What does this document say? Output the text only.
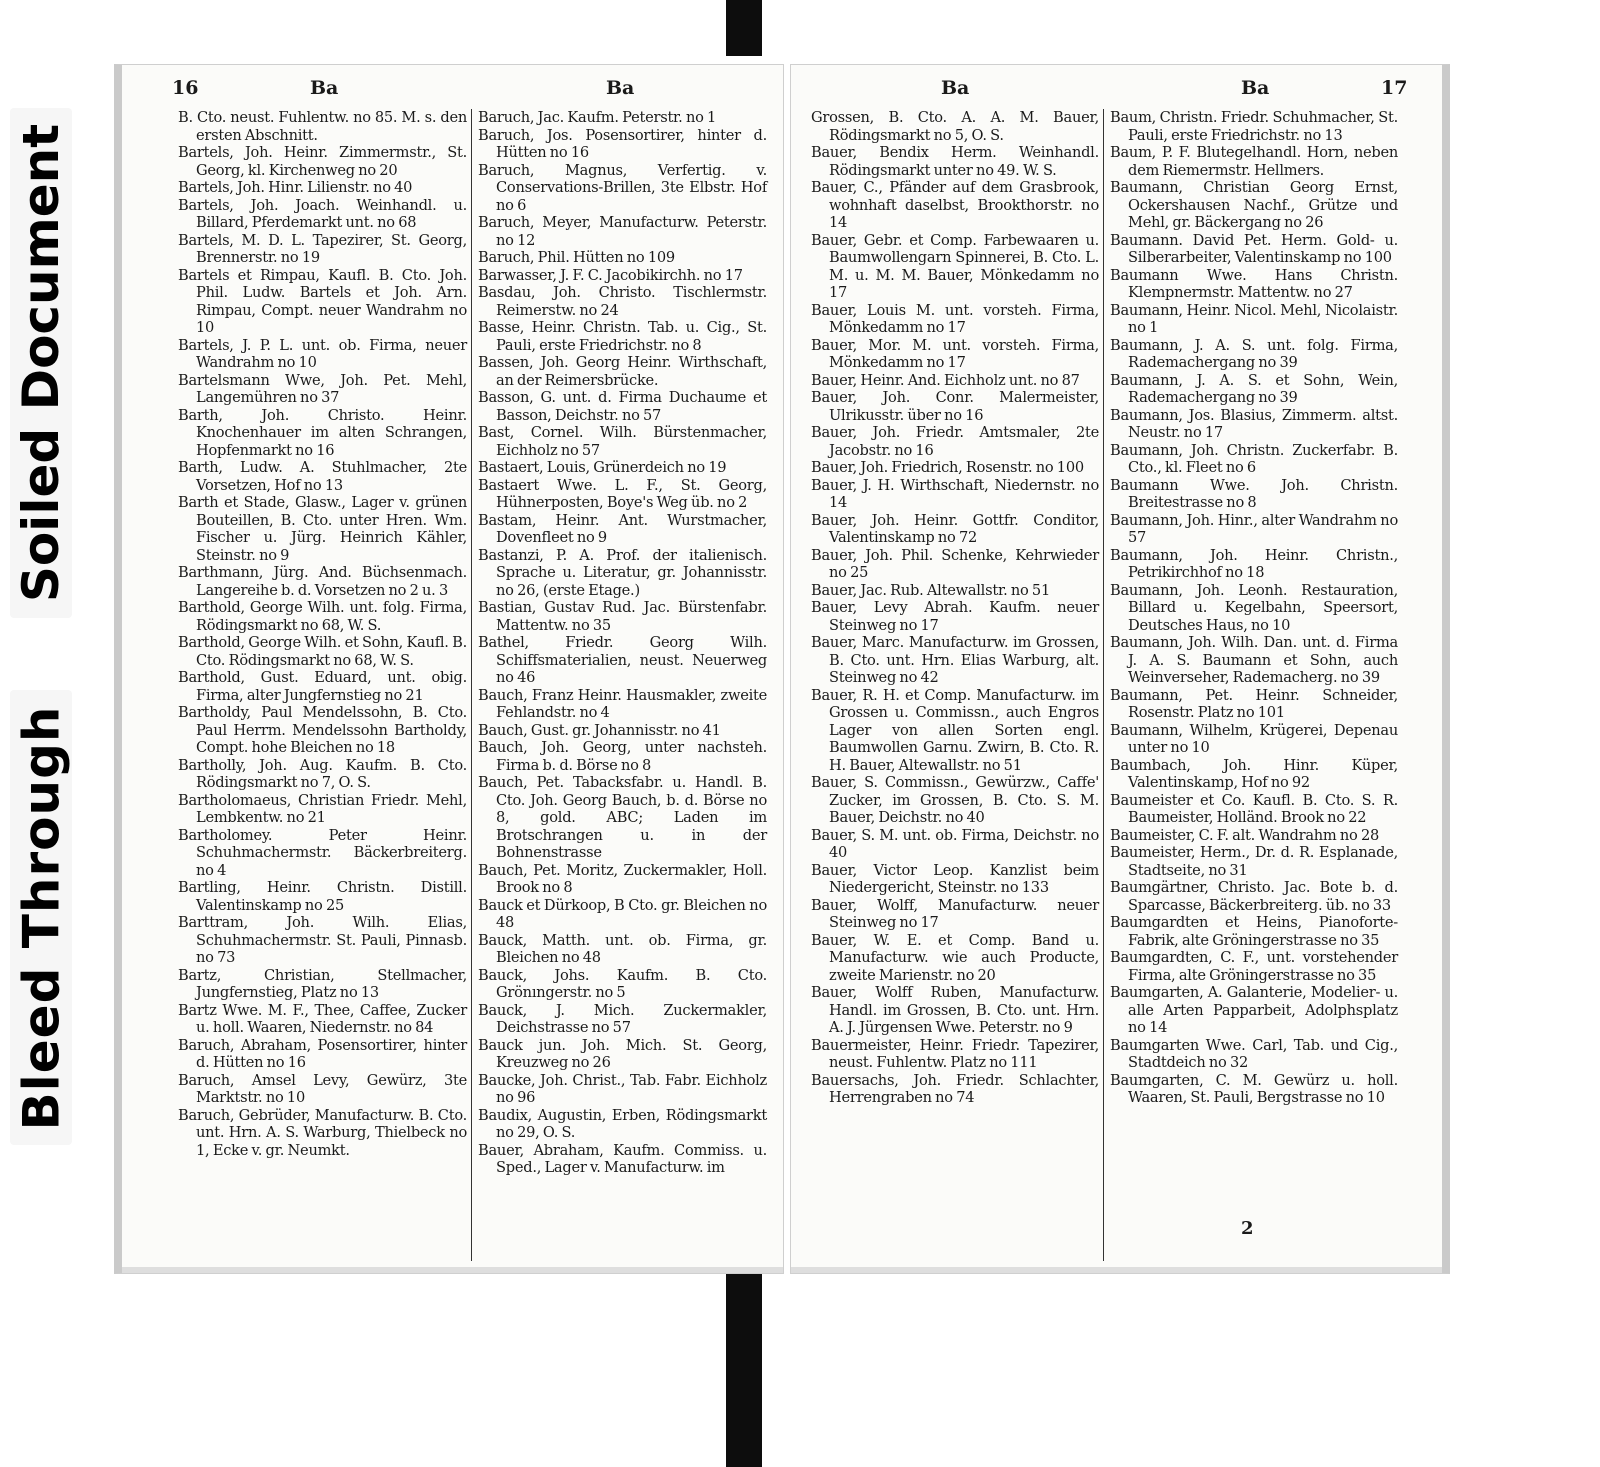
Soiled Document
Bleed Through
16	Ba	Ba

B. Cto. neust. Fuhlentw. no 85. M. s. den ersten Abschnitt.

Bartels, Joh. Heinr. Zimmermstr., St. Georg, kl. Kirchenweg no 20

Bartels, Joh. Hinr. Lilienstr. no 40

Bartels, Joh. Joach. Weinhandl. u. Billard, Pferdemarkt unt. no 68

Bartels, M. D. L. Tapezirer, St. Georg, Brennerstr. no 19

Bartels et Rimpau, Kaufl. B. Cto. Joh. Phil. Ludw. Bartels et Joh. Arn. Rimpau, Compt. neuer Wandrahm no 10

Bartels, J. P. L. unt. ob. Firma, neuer Wandrahm no 10

Bartelsmann Wwe, Joh. Pet. Mehl, Langemühren no 37

Barth, Joh. Christo. Heinr. Knochenhauer im alten Schrangen, Hopfenmarkt no 16

Barth, Ludw. A. Stuhlmacher, 2te Vorsetzen, Hof no 13

Barth et Stade, Glasw., Lager v. grünen Bouteillen, B. Cto. unter Hren. Wm. Fischer u. Jürg. Heinrich Kähler, Steinstr. no 9

Barthmann, Jürg. And. Büchsenmach. Langereihe b. d. Vorsetzen no 2 u. 3

Barthold, George Wilh. unt. folg. Firma, Rödingsmarkt no 68, W. S.

Barthold, George Wilh. et Sohn, Kaufl. B. Cto. Rödingsmarkt no 68, W. S.

Barthold, Gust. Eduard, unt. obig. Firma, alter Jungfernstieg no 21

Bartholdy, Paul Mendelssohn, B. Cto. Paul Herrm. Mendelssohn Bartholdy, Compt. hohe Bleichen no 18

Bartholly, Joh. Aug. Kaufm. B. Cto. Rödingsmarkt no 7, O. S.

Bartholomaeus, Christian Friedr. Mehl, Lembkentw. no 21

Bartholomey. Peter Heinr. Schuhmachermstr. Bäckerbreiterg. no 4

Bartling, Heinr. Christn. Distill. Valentinskamp no 25

Barttram, Joh. Wilh. Elias, Schuhmachermstr. St. Pauli, Pinnasb. no 73

Bartz, Christian, Stellmacher, Jungfernstieg, Platz no 13

Bartz Wwe. M. F., Thee, Caffee, Zucker u. holl. Waaren, Niedernstr. no 84

Baruch, Abraham, Posensortirer, hinter d. Hütten no 16

Baruch, Amsel Levy, Gewürz, 3te Marktstr. no 10

Baruch, Gebrüder, Manufacturw. B. Cto. unt. Hrn. A. S. Warburg, Thielbeck no 1, Ecke v. gr. Neumkt.

Baruch, Jac. Kaufm. Peterstr. no 1

Baruch, Jos. Posensortirer, hinter d. Hütten no 16

Baruch, Magnus, Verfertig. v. Conservations-Brillen, 3te Elbstr. Hof no 6

Baruch, Meyer, Manufacturw. Peterstr. no 12

Baruch, Phil. Hütten no 109

Barwasser, J. F. C. Jacobikirchh. no 17

Basdau, Joh. Christo. Tischlermstr. Reimerstw. no 24

Basse, Heinr. Christn. Tab. u. Cig., St. Pauli, erste Friedrichstr. no 8

Bassen, Joh. Georg Heinr. Wirthschaft, an der Reimersbrücke.

Basson, G. unt. d. Firma Duchaume et Basson, Deichstr. no 57

Bast, Cornel. Wilh. Bürstenmacher, Eichholz no 57

Bastaert, Louis, Grünerdeich no 19

Bastaert Wwe. L. F., St. Georg, Hühnerposten, Boye's Weg üb. no 2

Bastam, Heinr. Ant. Wurstmacher, Dovenfleet no 9

Bastanzi, P. A. Prof. der italienisch. Sprache u. Literatur, gr. Johannisstr. no 26, (erste Etage.)

Bastian, Gustav Rud. Jac. Bürstenfabr. Mattentw. no 35

Bathel, Friedr. Georg Wilh. Schiffsmaterialien, neust. Neuerweg no 46

Bauch, Franz Heinr. Hausmakler, zweite Fehlandstr. no 4

Bauch, Gust. gr. Johannisstr. no 41

Bauch, Joh. Georg, unter nachsteh. Firma b. d. Börse no 8

Bauch, Pet. Tabacksfabr. u. Handl. B. Cto. Joh. Georg Bauch, b. d. Börse no 8, gold. ABC; Laden im Brotschrangen u. in der Bohnenstrasse

Bauch, Pet. Moritz, Zuckermakler, Holl. Brook no 8

Bauck et Dürkoop, B Cto. gr. Bleichen no 48

Bauck, Matth. unt. ob. Firma, gr. Bleichen no 48

Bauck, Johs. Kaufm. B. Cto. Grönıngerstr. no 5

Bauck, J. Mich. Zuckermakler, Deichstrasse no 57

Bauck jun. Joh. Mich. St. Georg, Kreuzweg no 26

Baucke, Joh. Christ., Tab. Fabr. Eichholz no 96

Baudix, Augustin, Erben, Rödingsmarkt no 29, O. S.

Bauer, Abraham, Kaufm. Commiss. u. Sped., Lager v. Manufacturw. im

Ba	Ba	17

Grossen, B. Cto. A. A. M. Bauer, Rödingsmarkt no 5, O. S.

Bauer, Bendix Herm. Weinhandl. Rödingsmarkt unter no 49. W. S.

Bauer, C., Pfänder auf dem Grasbrook, wohnhaft daselbst, Brookthorstr. no 14

Bauer, Gebr. et Comp. Farbewaaren u. Baumwollengarn Spinnerei, B. Cto. L. M. u. M. M. Bauer, Mönkedamm no 17

Bauer, Louis M. unt. vorsteh. Firma, Mönkedamm no 17

Bauer, Mor. M. unt. vorsteh. Firma, Mönkedamm no 17

Bauer, Heinr. And. Eichholz unt. no 87

Bauer, Joh. Conr. Malermeister, Ulrikusstr. über no 16

Bauer, Joh. Friedr. Amtsmaler, 2te Jacobstr. no 16

Bauer, Joh. Friedrich, Rosenstr. no 100

Bauer, J. H. Wirthschaft, Niedernstr. no 14

Bauer, Joh. Heinr. Gottfr. Conditor, Valentinskamp no 72

Bauer, Joh. Phil. Schenke, Kehrwieder no 25

Bauer, Jac. Rub. Altewallstr. no 51

Bauer, Levy Abrah. Kaufm. neuer Steinweg no 17

Bauer, Marc. Manufacturw. im Grossen, B. Cto. unt. Hrn. Elias Warburg, alt. Steinweg no 42

Bauer, R. H. et Comp. Manufacturw. im Grossen u. Commissn., auch Engros Lager von allen Sorten engl. Baumwollen Garnu. Zwirn, B. Cto. R. H. Bauer, Altewallstr. no 51

Bauer, S. Commissn., Gewürzw., Caffe' Zucker, im Grossen, B. Cto. S. M. Bauer, Deichstr. no 40

Bauer, S. M. unt. ob. Firma, Deichstr. no 40

Bauer, Victor Leop. Kanzlist beim Niedergericht, Steinstr. no 133

Bauer, Wolff, Manufacturw. neuer Steinweg no 17

Bauer, W. E. et Comp. Band u. Manufacturw. wie auch Producte, zweite Marienstr. no 20

Bauer, Wolff Ruben, Manufacturw. Handl. im Grossen, B. Cto. unt. Hrn. A. J. Jürgensen Wwe. Peterstr. no 9

Bauermeister, Heinr. Friedr. Tapezirer, neust. Fuhlentw. Platz no 111

Bauersachs, Joh. Friedr. Schlachter, Herrengraben no 74

Baum, Christn. Friedr. Schuhmacher, St. Pauli, erste Friedrichstr. no 13

Baum, P. F. Blutegelhandl. Horn, neben dem Riemermstr. Hellmers.

Baumann, Christian Georg Ernst, Ockershausen Nachf., Grütze und Mehl, gr. Bäckergang no 26

Baumann. David Pet. Herm. Gold- u. Silberarbeiter, Valentinskamp no 100

Baumann Wwe. Hans Christn. Klempnermstr. Mattentw. no 27

Baumann, Heinr. Nicol. Mehl, Nicolaistr. no 1

Baumann, J. A. S. unt. folg. Firma, Rademachergang no 39

Baumann, J. A. S. et Sohn, Wein, Rademachergang no 39

Baumann, Jos. Blasius, Zimmerm. altst. Neustr. no 17

Baumann, Joh. Christn. Zuckerfabr. B. Cto., kl. Fleet no 6

Baumann Wwe. Joh. Christn. Breitestrasse no 8

Baumann, Joh. Hinr., alter Wandrahm no 57

Baumann, Joh. Heinr. Christn., Petrikirchhof no 18

Baumann, Joh. Leonh. Restauration, Billard u. Kegelbahn, Speersort, Deutsches Haus, no 10

Baumann, Joh. Wilh. Dan. unt. d. Firma J. A. S. Baumann et Sohn, auch Weinverseher, Rademacherg. no 39

Baumann, Pet. Heinr. Schneider, Rosenstr. Platz no 101

Baumann, Wilhelm, Krügerei, Depenau unter no 10

Baumbach, Joh. Hinr. Küper, Valentinskamp, Hof no 92

Baumeister et Co. Kaufl. B. Cto. S. R. Baumeister, Holländ. Brook no 22

Baumeister, C. F. alt. Wandrahm no 28

Baumeister, Herm., Dr. d. R. Esplanade, Stadtseite, no 31

Baumgärtner, Christo. Jac. Bote b. d. Sparcasse, Bäckerbreiterg. üb. no 33

Baumgardten et Heins, Pianoforte-Fabrik, alte Gröningerstrasse no 35

Baumgardten, C. F., unt. vorstehender Firma, alte Gröningerstrasse no 35

Baumgarten, A. Galanterie, Modelier- u. alle Arten Papparbeit, Adolphsplatz no 14

Baumgarten Wwe. Carl, Tab. und Cig., Stadtdeich no 32

Baumgarten, C. M. Gewürz u. holl. Waaren, St. Pauli, Bergstrasse no 10

2
